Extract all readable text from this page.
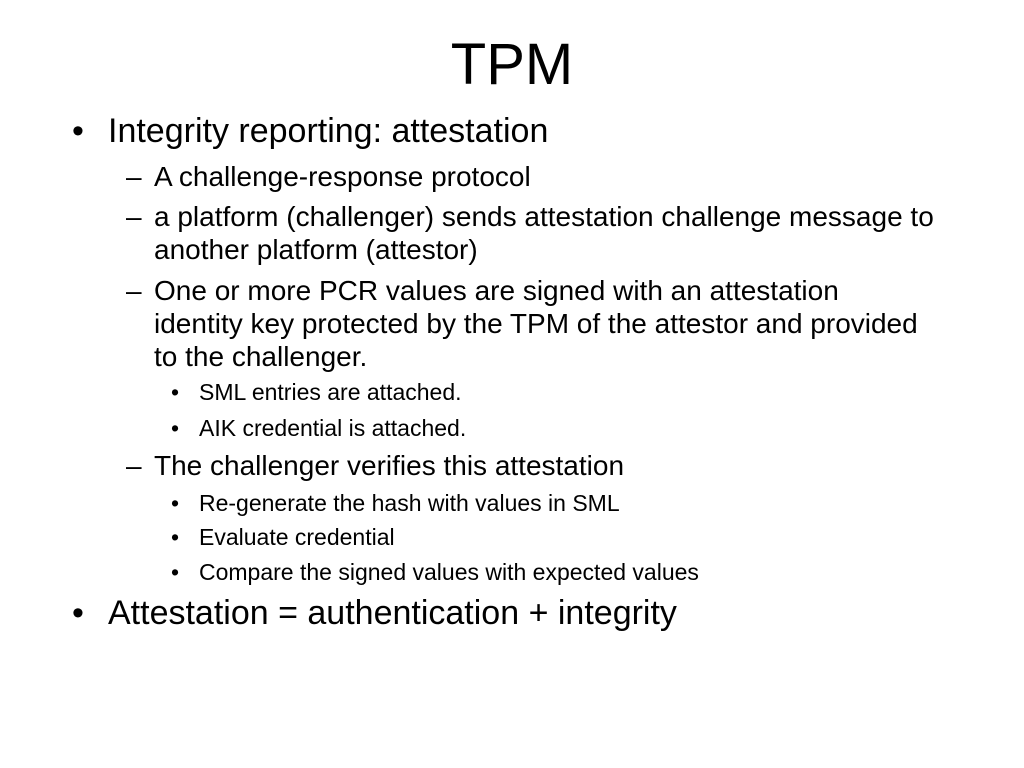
TPM
• Integrity reporting: attestation
– A challenge-response protocol
– a platform (challenger) sends attestation challenge message to another platform (attestor)
– One or more PCR values are signed with an attestation identity key protected by the TPM of the attestor and provided to the challenger.
• SML entries are attached.
• AIK credential is attached.
– The challenger verifies this attestation
• Re-generate the hash with values in SML
• Evaluate credential
• Compare the signed values with expected values
• Attestation = authentication + integrity
